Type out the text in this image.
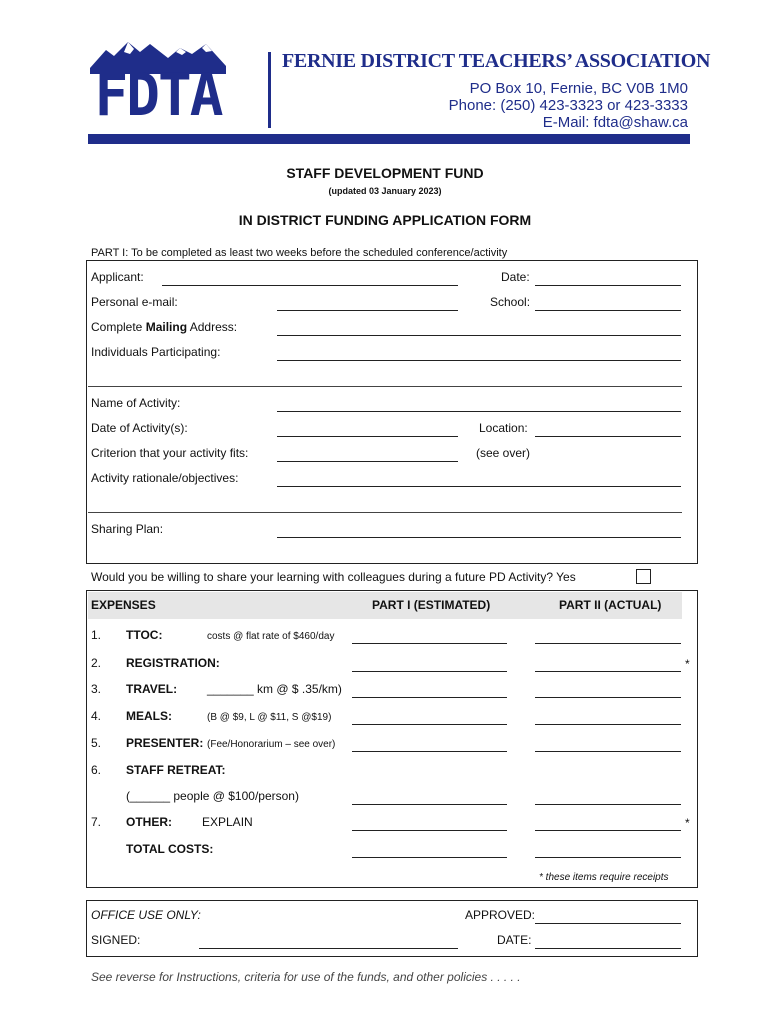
FDTA
FERNIE DISTRICT TEACHERS’ ASSOCIATION
PO Box 10, Fernie, BC V0B 1M0
Phone: (250) 423-3323 or 423-3333
E-Mail: fdta@shaw.ca
STAFF DEVELOPMENT FUND
(updated 03 January 2023)
IN DISTRICT FUNDING APPLICATION FORM
PART I: To be completed as least two weeks before the scheduled conference/activity
Applicant:	Date:
Personal e-mail:	School:
Complete Mailing Address:
Individuals Participating:
Name of Activity:
Date of Activity(s):	Location:
Criterion that your activity fits:	(see over)
Activity rationale/objectives:
Sharing Plan:
Would you be willing to share your learning with colleagues during a future PD Activity? Yes
EXPENSES	PART I (ESTIMATED)	PART II (ACTUAL)
1. TTOC:	costs @ flat rate of $460/day
2. REGISTRATION:	*
3. TRAVEL: _______ km @ $ .35/km)
4. MEALS:	(B @ $9, L @ $11, S @$19)
5. PRESENTER: (Fee/Honorarium – see over)
6. STAFF RETREAT:
(______ people @ $100/person)
7. OTHER:	EXPLAIN	*
TOTAL COSTS:
* these items require receipts
OFFICE USE ONLY:	APPROVED:
SIGNED:	DATE:
See reverse for Instructions, criteria for use of the funds, and other policies . . . . .
